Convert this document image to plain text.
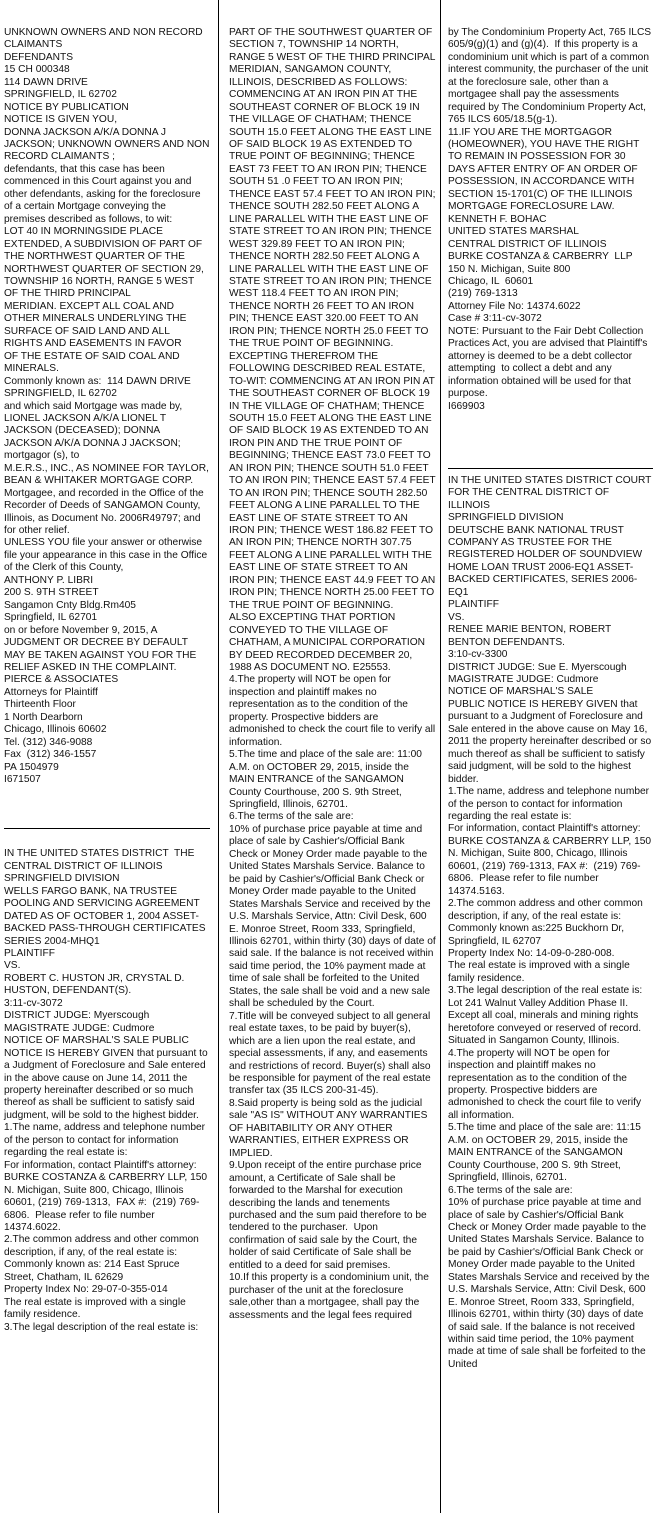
UNKNOWN OWNERS AND NON RECORD CLAIMANTS
DEFENDANTS
15 CH 000348
114 DAWN DRIVE
SPRINGFIELD, IL 62702
NOTICE BY PUBLICATION
NOTICE IS GIVEN YOU,
DONNA JACKSON A/K/A DONNA J JACKSON; UNKNOWN OWNERS AND NON RECORD CLAIMANTS ;
defendants, that this case has been commenced in this Court against you and other defendants, asking for the foreclosure of a certain Mortgage conveying the premises described as follows, to wit:
LOT 40 IN MORNINGSIDE PLACE EXTENDED, A SUBDIVISION OF PART OF THE NORTHWEST QUARTER OF THE NORTHWEST QUARTER OF SECTION 29, TOWNSHIP 16 NORTH, RANGE 5 WEST OF THE THIRD PRINCIPAL
MERIDIAN. EXCEPT ALL COAL AND OTHER MINERALS UNDERLYING THE
SURFACE OF SAID LAND AND ALL RIGHTS AND EASEMENTS IN FAVOR
OF THE ESTATE OF SAID COAL AND MINERALS.
Commonly known as:  114 DAWN DRIVE SPRINGFIELD, IL 62702
and which said Mortgage was made by, LIONEL JACKSON A/K/A LIONEL T JACKSON (DECEASED); DONNA
JACKSON A/K/A DONNA J JACKSON; mortgagor (s), to
M.E.R.S., INC., AS NOMINEE FOR TAYLOR, BEAN & WHITAKER MORTGAGE CORP. Mortgagee, and recorded in the Office of the Recorder of Deeds of SANGAMON County, Illinois, as Document No. 2006R49797; and for other relief.
UNLESS YOU file your answer or otherwise file your appearance in this case in the Office of the Clerk of this County,
ANTHONY P. LIBRI
200 S. 9TH STREET
Sangamon Cnty Bldg.Rm405
Springfield, IL 62701
on or before November 9, 2015, A JUDGMENT OR DECREE BY DEFAULT MAY BE TAKEN AGAINST YOU FOR THE RELIEF ASKED IN THE COMPLAINT.
PIERCE & ASSOCIATES
Attorneys for Plaintiff
Thirteenth Floor
1 North Dearborn
Chicago, Illinois 60602
Tel. (312) 346-9088
Fax  (312) 346-1557
PA 1504979
I671507

IN THE UNITED STATES DISTRICT  THE CENTRAL DISTRICT OF ILLINOIS
SPRINGFIELD DIVISION
WELLS FARGO BANK, NA TRUSTEE POOLING AND SERVICING AGREEMENT DATED AS OF OCTOBER 1, 2004 ASSET-BACKED PASS-THROUGH CERTIFICATES SERIES 2004-MHQ1
PLAINTIFF
VS.
ROBERT C. HUSTON JR, CRYSTAL D. HUSTON, DEFENDANT(S).
3:11-cv-3072
DISTRICT JUDGE: Myerscough
MAGISTRATE JUDGE: Cudmore
NOTICE OF MARSHAL'S SALE PUBLIC NOTICE IS HEREBY GIVEN that pursuant to a Judgment of Foreclosure and Sale entered in the above cause on June 14, 2011 the property hereinafter described or so much thereof as shall be sufficient to satisfy said judgment, will be sold to the highest bidder.
1.The name, address and telephone number of the person to contact for information regarding the real estate is:
For information, contact Plaintiff's attorney: BURKE COSTANZA & CARBERRY LLP, 150 N. Michigan, Suite 800, Chicago, Illinois 60601, (219) 769-1313,  FAX #:  (219) 769-6806.  Please refer to file number 14374.6022.
2.The common address and other common description, if any, of the real estate is:
Commonly known as: 214 East Spruce Street, Chatham, IL 62629
Property Index No: 29-07-0-355-014
The real estate is improved with a single family residence.
3.The legal description of the real estate is:

PART OF THE SOUTHWEST QUARTER OF SECTION 7, TOWNSHIP 14 NORTH, RANGE 5 WEST OF THE THIRD PRINCIPAL MERIDIAN, SANGAMON COUNTY, ILLINOIS, DESCRIBED AS FOLLOWS:
COMMENCING AT AN IRON PIN AT THE SOUTHEAST CORNER OF BLOCK 19 IN THE VILLAGE OF CHATHAM; THENCE SOUTH 15.0 FEET ALONG THE EAST LINE OF SAID BLOCK 19 AS EXTENDED TO TRUE POINT OF BEGINNING; THENCE EAST 73 FEET TO AN IRON PIN; THENCE SOUTH 51 .0 FEET TO AN IRON PIN; THENCE EAST 57.4 FEET TO AN IRON PIN; THENCE SOUTH 282.50 FEET ALONG A LINE PARALLEL WITH THE EAST LINE OF STATE STREET TO AN IRON PIN; THENCE WEST 329.89 FEET TO AN IRON PIN; THENCE NORTH 282.50 FEET ALONG A LINE PARALLEL WITH THE EAST LINE OF STATE STREET TO AN IRON PIN; THENCE WEST 118.4 FEET TO AN IRON PIN; THENCE NORTH 26 FEET TO AN IRON PIN; THENCE EAST 320.00 FEET TO AN IRON PIN; THENCE NORTH 25.0 FEET TO THE TRUE POINT OF BEGINNING.
EXCEPTING THEREFROM THE FOLLOWING DESCRIBED REAL ESTATE, TO-WIT: COMMENCING AT AN IRON PIN AT THE SOUTHEAST CORNER OF BLOCK 19 IN THE VILLAGE OF CHATHAM; THENCE SOUTH 15.0 FEET ALONG THE EAST LINE OF SAID BLOCK 19 AS EXTENDED TO AN IRON PIN AND THE TRUE POINT OF BEGINNING; THENCE EAST 73.0 FEET TO AN IRON PIN; THENCE SOUTH 51.0 FEET TO AN IRON PIN; THENCE EAST 57.4 FEET TO AN IRON PIN; THENCE SOUTH 282.50 FEET ALONG A LINE PARALLEL TO THE EAST LINE OF STATE STREET TO AN IRON PIN; THENCE WEST 186.82 FEET TO AN IRON PIN; THENCE NORTH 307.75 FEET ALONG A LINE PARALLEL WITH THE EAST LINE OF STATE STREET TO AN IRON PIN; THENCE EAST 44.9 FEET TO AN IRON PIN; THENCE NORTH 25.00 FEET TO THE TRUE POINT OF BEGINNING.
ALSO EXCEPTING THAT PORTION CONVEYED TO THE VILLAGE OF CHATHAM, A MUNICIPAL CORPORATION BY DEED RECORDED DECEMBER 20, 1988 AS DOCUMENT NO. E25553.
4.The property will NOT be open for inspection and plaintiff makes no representation as to the condition of the property. Prospective bidders are admonished to check the court file to verify all information.
5.The time and place of the sale are: 11:00 A.M. on OCTOBER 29, 2015, inside the MAIN ENTRANCE of the SANGAMON County Courthouse, 200 S. 9th Street, Springfield, Illinois, 62701.
6.The terms of the sale are:
10% of purchase price payable at time and place of sale by Cashier's/Official Bank Check or Money Order made payable to the United States Marshals Service. Balance to be paid by Cashier's/Official Bank Check or Money Order made payable to the United States Marshals Service and received by the U.S. Marshals Service, Attn: Civil Desk, 600 E. Monroe Street, Room 333, Springfield, Illinois 62701, within thirty (30) days of date of said sale. If the balance is not received within said time period, the 10% payment made at time of sale shall be forfeited to the United States, the sale shall be void and a new sale shall be scheduled by the Court.
7.Title will be conveyed subject to all general real estate taxes, to be paid by buyer(s), which are a lien upon the real estate, and special assessments, if any, and easements and restrictions of record. Buyer(s) shall also be responsible for payment of the real estate transfer tax (35 ILCS 200-31-45).
8.Said property is being sold as the judicial sale "AS IS" WITHOUT ANY WARRANTIES OF HABITABILITY OR ANY OTHER WARRANTIES, EITHER EXPRESS OR IMPLIED.
9.Upon receipt of the entire purchase price amount, a Certificate of Sale shall be forwarded to the Marshal for execution describing the lands and tenements purchased and the sum paid therefore to be tendered to the purchaser.  Upon confirmation of said sale by the Court, the holder of said Certificate of Sale shall be entitled to a deed for said premises.
10.If this property is a condominium unit, the purchaser of the unit at the foreclosure sale,other than a mortgagee, shall pay the assessments and the legal fees required

by The Condominium Property Act, 765 ILCS 605/9(g)(1) and (g)(4).  If this property is a condominium unit which is part of a common interest community, the purchaser of the unit at the foreclosure sale, other than a mortgagee shall pay the assessments required by The Condominium Property Act, 765 ILCS 605/18.5(g-1).
11.IF YOU ARE THE MORTGAGOR (HOMEOWNER), YOU HAVE THE RIGHT TO REMAIN IN POSSESSION FOR 30 DAYS AFTER ENTRY OF AN ORDER OF POSSESSION, IN ACCORDANCE WITH SECTION 15-1701(C) OF THE ILLINOIS MORTGAGE FORECLOSURE LAW.
KENNETH F. BOHAC
UNITED STATES MARSHAL
CENTRAL DISTRICT OF ILLINOIS
BURKE COSTANZA & CARBERRY  LLP
150 N. Michigan, Suite 800
Chicago, IL  60601
(219) 769-1313
Attorney File No: 14374.6022
Case # 3:11-cv-3072
NOTE: Pursuant to the Fair Debt Collection Practices Act, you are advised that Plaintiff's attorney is deemed to be a debt collector attempting  to collect a debt and any information obtained will be used for that purpose.
I669903

IN THE UNITED STATES DISTRICT COURT FOR THE CENTRAL DISTRICT OF ILLINOIS
SPRINGFIELD DIVISION
DEUTSCHE BANK NATIONAL TRUST COMPANY AS TRUSTEE FOR THE REGISTERED HOLDER OF SOUNDVIEW HOME LOAN TRUST 2006-EQ1 ASSET-BACKED CERTIFICATES, SERIES 2006-EQ1
PLAINTIFF
VS.
RENEE MARIE BENTON, ROBERT BENTON DEFENDANTS.
3:10-cv-3300
DISTRICT JUDGE: Sue E. Myerscough
MAGISTRATE JUDGE: Cudmore
NOTICE OF MARSHAL'S SALE
PUBLIC NOTICE IS HEREBY GIVEN that pursuant to a Judgment of Foreclosure and Sale entered in the above cause on May 16, 2011 the property hereinafter described or so much thereof as shall be sufficient to satisfy said judgment, will be sold to the highest bidder.
1.The name, address and telephone number of the person to contact for information regarding the real estate is:
For information, contact Plaintiff's attorney: BURKE COSTANZA & CARBERRY LLP, 150 N. Michigan, Suite 800, Chicago, Illinois 60601, (219) 769-1313, FAX #:  (219) 769-6806.  Please refer to file number 14374.5163.
2.The common address and other common description, if any, of the real estate is:
Commonly known as:225 Buckhorn Dr, Springfield, IL 62707
Property Index No: 14-09-0-280-008.
The real estate is improved with a single family residence.
3.The legal description of the real estate is: Lot 241 Walnut Valley Addition Phase II. Except all coal, minerals and mining rights heretofore conveyed or reserved of record. Situated in Sangamon County, Illinois.
4.The property will NOT be open for inspection and plaintiff makes no representation as to the condition of the property. Prospective bidders are admonished to check the court file to verify all information.
5.The time and place of the sale are: 11:15 A.M. on OCTOBER 29, 2015, inside the MAIN ENTRANCE of the SANGAMON County Courthouse, 200 S. 9th Street, Springfield, Illinois, 62701.
6.The terms of the sale are:
10% of purchase price payable at time and place of sale by Cashier's/Official Bank Check or Money Order made payable to the United States Marshals Service. Balance to be paid by Cashier's/Official Bank Check or Money Order made payable to the United States Marshals Service and received by the U.S. Marshals Service, Attn: Civil Desk, 600 E. Monroe Street, Room 333, Springfield, Illinois 62701, within thirty (30) days of date of said sale. If the balance is not received within said time period, the 10% payment made at time of sale shall be forfeited to the United
